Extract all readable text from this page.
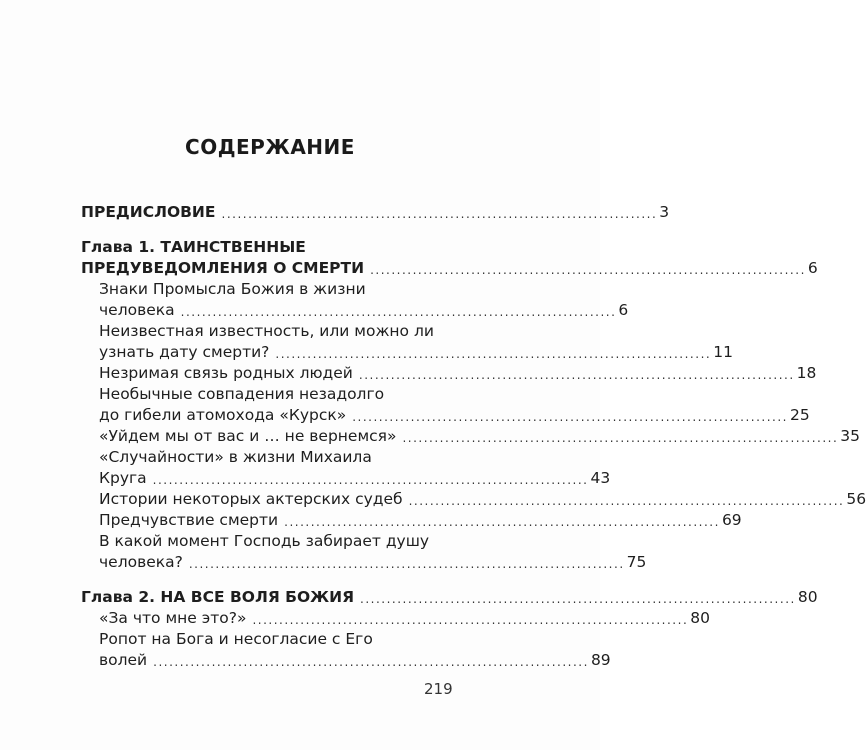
СОДЕРЖАНИЕ
ПРЕДИСЛОВИЕ .................................................................................. 3
Глава 1. ТАИНСТВЕННЫЕ
ПРЕДУВЕДОМЛЕНИЯ О СМЕРТИ .................................................................................. 6
Знаки Промысла Божия в жизни
человека .................................................................................. 6
Неизвестная известность, или можно ли
узнать дату смерти? .................................................................................. 11
Незримая связь родных людей .................................................................................. 18
Необычные совпадения незадолго
до гибели атомохода «Курск» .................................................................................. 25
«Уйдем мы от вас и … не вернемся» .................................................................................. 35
«Случайности» в жизни Михаила
Круга .................................................................................. 43
Истории некоторых актерских судеб .................................................................................. 56
Предчувствие смерти .................................................................................. 69
В какой момент Господь забирает душу
человека? .................................................................................. 75
Глава 2. НА ВСЕ ВОЛЯ БОЖИЯ .................................................................................. 80
«За что мне это?» .................................................................................. 80
Ропот на Бога и несогласие с Его
волей .................................................................................. 89
219
